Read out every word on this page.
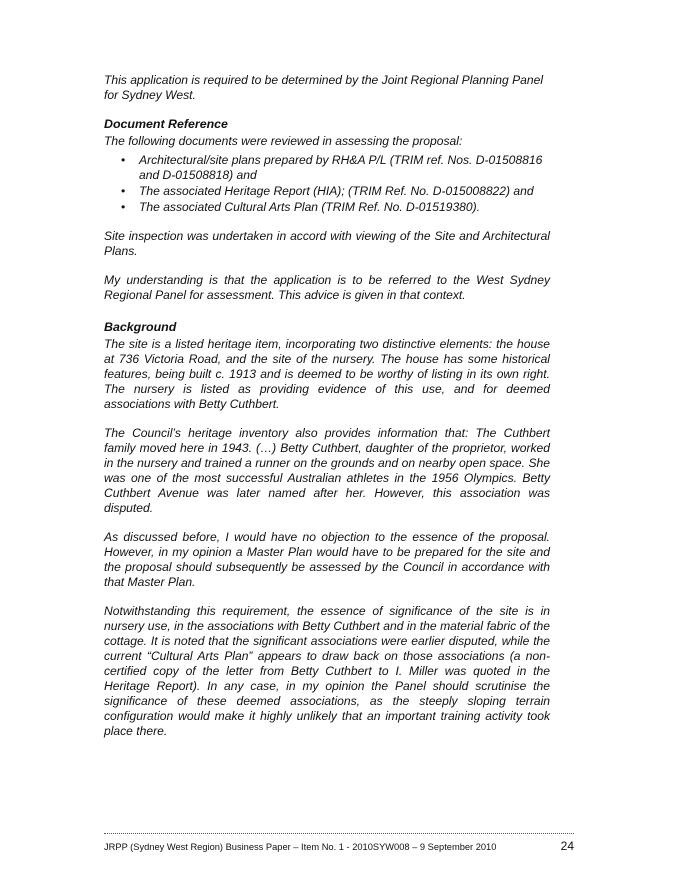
This application is required to be determined by the Joint Regional Planning Panel for Sydney West.

Document Reference

The following documents were reviewed in assessing the proposal:

• Architectural/site plans prepared by RH&A P/L (TRIM ref. Nos. D-01508816 and D-01508818) and
• The associated Heritage Report (HIA); (TRIM Ref. No. D-015008822) and
• The associated Cultural Arts Plan (TRIM Ref. No. D-01519380).

Site inspection was undertaken in accord with viewing of the Site and Architectural Plans.

My understanding is that the application is to be referred to the West Sydney Regional Panel for assessment. This advice is given in that context.

Background

The site is a listed heritage item, incorporating two distinctive elements: the house at 736 Victoria Road, and the site of the nursery. The house has some historical features, being built c. 1913 and is deemed to be worthy of listing in its own right. The nursery is listed as providing evidence of this use, and for deemed associations with Betty Cuthbert.

The Council’s heritage inventory also provides information that: The Cuthbert family moved here in 1943. (…) Betty Cuthbert, daughter of the proprietor, worked in the nursery and trained a runner on the grounds and on nearby open space. She was one of the most successful Australian athletes in the 1956 Olympics. Betty Cuthbert Avenue was later named after her. However, this association was disputed.

As discussed before, I would have no objection to the essence of the proposal. However, in my opinion a Master Plan would have to be prepared for the site and the proposal should subsequently be assessed by the Council in accordance with that Master Plan.

Notwithstanding this requirement, the essence of significance of the site is in nursery use, in the associations with Betty Cuthbert and in the material fabric of the cottage. It is noted that the significant associations were earlier disputed, while the current “Cultural Arts Plan” appears to draw back on those associations (a non-certified copy of the letter from Betty Cuthbert to I. Miller was quoted in the Heritage Report). In any case, in my opinion the Panel should scrutinise the significance of these deemed associations, as the steeply sloping terrain configuration would make it highly unlikely that an important training activity took place there.

JRPP (Sydney West Region) Business Paper – Item No. 1 - 2010SYW008 – 9 September 2010	24
